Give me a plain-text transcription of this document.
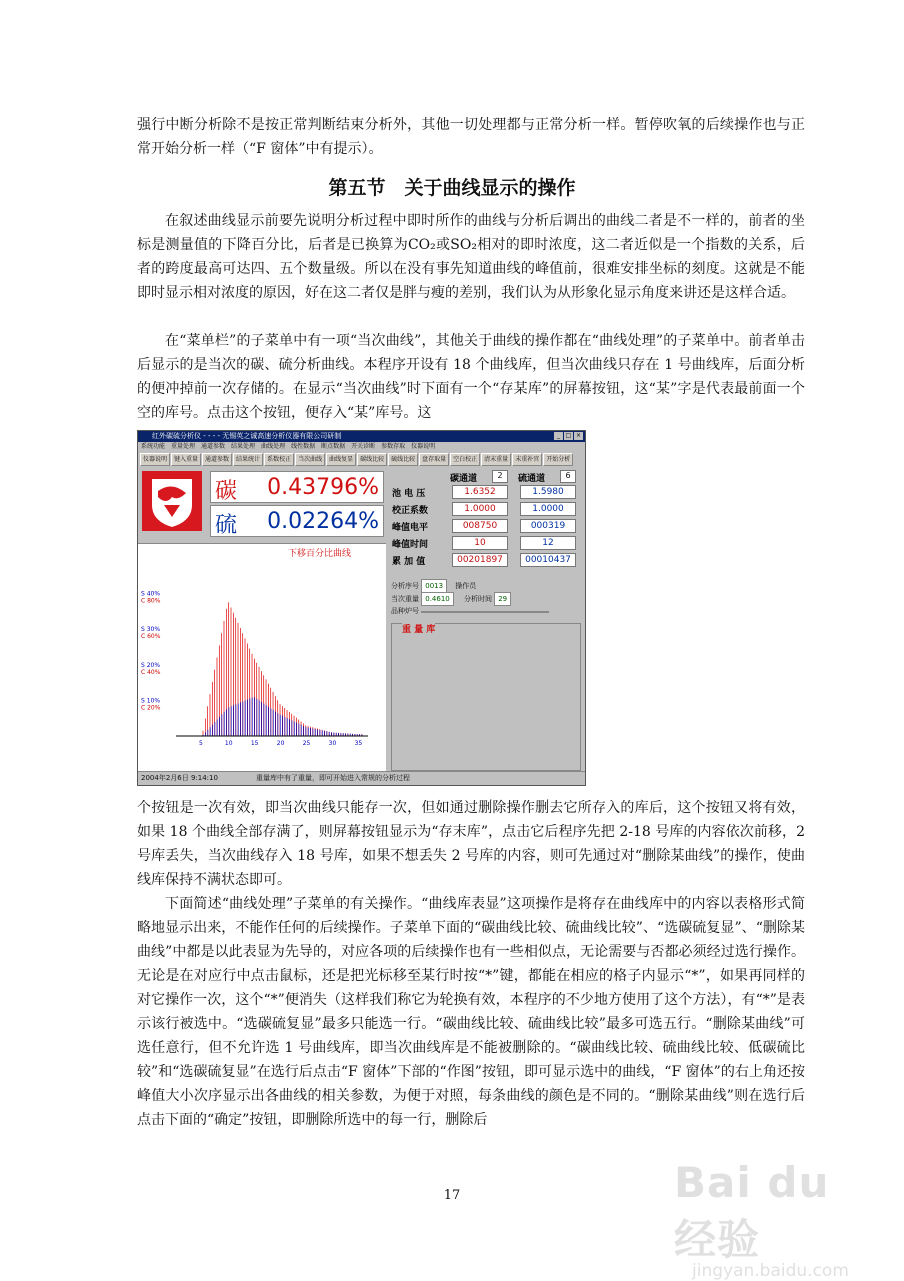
强行中断分析除不是按正常判断结束分析外，其他一切处理都与正常分析一样。暂停吹氧的后续操作也与正常开始分析一样（“F 窗体”中有提示）。

第五节　关于曲线显示的操作

在叙述曲线显示前要先说明分析过程中即时所作的曲线与分析后调出的曲线二者是不一样的，前者的坐标是测量值的下降百分比，后者是已换算为CO₂或SO₂相对的即时浓度，这二者近似是一个指数的关系，后者的跨度最高可达四、五个数量级。所以在没有事先知道曲线的峰值前，很难安排坐标的刻度。这就是不能即时显示相对浓度的原因，好在这二者仅是胖与瘦的差别，我们认为从形象化显示角度来讲还是这样合适。

在“菜单栏”的子菜单中有一项“当次曲线”，其他关于曲线的操作都在“曲线处理”的子菜单中。前者单击后显示的是当次的碳、硫分析曲线。本程序开设有 18 个曲线库，但当次曲线只存在 1 号曲线库，后面分析的便冲掉前一次存储的。在显示“当次曲线”时下面有一个“存某库”的屏幕按钮，这“某”字是代表最前面一个空的库号。点击这个按钮，便存入“某”库号。这

红外碳硫分析仪 - - - - 无锡英之诚高速分析仪器有限公司研制	_ □ ×
系统功能 重量处理 通道参数 结果处理 曲线处理 线性数据 断点数据 开关诊断 参数存取 仪器说明
仪器说明	键入重量	通道参数	结果统计	系数校正	当次曲线	曲线复显	碳线比较	硫线比较	盘存取量	空白校正	清末重量	末重补官	开始分析
碳 0.43796%
硫 0.02264%
下移百分比曲线
S 40%
C 80%
S 30%
C 60%
S 20%
C 40%
S 10%
C 20%
5	10	15	20	25	30	35
碳通道	2	硫通道	6
池 电 压	1.6352	1.5980
校正系数	1.0000	1.0000
峰值电平	008750	000319
峰值时间	10	12
累 加 值	00201897	00010437
分析序号 0013 操作员
当次重量 0.4610 分析时间 29
品种炉号
重 量 库
2004年2月6日 9:14:10	重量库中有了重量，即可开始进入常规的分析过程

个按钮是一次有效，即当次曲线只能存一次，但如通过删除操作删去它所存入的库后，这个按钮又将有效，如果 18 个曲线全部存满了，则屏幕按钮显示为“存末库”，点击它后程序先把 2-18 号库的内容依次前移，2 号库丢失，当次曲线存入 18 号库，如果不想丢失 2 号库的内容，则可先通过对“删除某曲线”的操作，使曲线库保持不满状态即可。

下面简述“曲线处理”子菜单的有关操作。“曲线库表显”这项操作是将存在曲线库中的内容以表格形式简略地显示出来，不能作任何的后续操作。子菜单下面的“碳曲线比较、硫曲线比较”、“选碳硫复显”、“删除某曲线”中都是以此表显为先导的，对应各项的后续操作也有一些相似点，无论需要与否都必须经过选行操作。无论是在对应行中点击鼠标，还是把光标移至某行时按“*”键，都能在相应的格子内显示“*”，如果再同样的对它操作一次，这个“*”便消失（这样我们称它为轮换有效，本程序的不少地方使用了这个方法），有“*”是表示该行被选中。“选碳硫复显”最多只能选一行。“碳曲线比较、硫曲线比较”最多可选五行。“删除某曲线”可选任意行，但不允许选 1 号曲线库，即当次曲线库是不能被删除的。“碳曲线比较、硫曲线比较、低碳硫比较”和“选碳硫复显”在选行后点击“F 窗体”下部的“作图”按钮，即可显示选中的曲线，“F 窗体”的右上角还按峰值大小次序显示出各曲线的相关参数，为便于对照，每条曲线的颜色是不同的。“删除某曲线”则在选行后点击下面的“确定”按钮，即删除所选中的每一行，删除后

17	Bai du 经验
jingyan.baidu.com
